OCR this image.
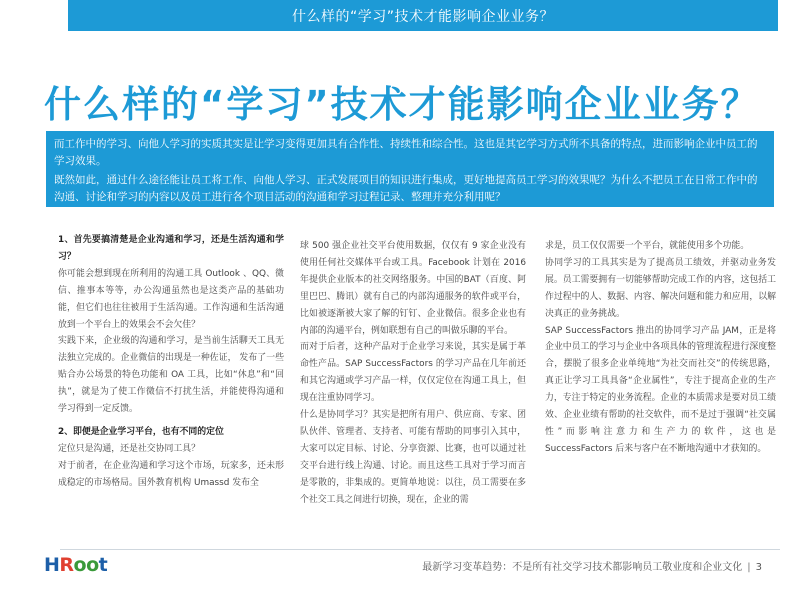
什么样的“学习”技术才能影响企业业务？
什么样的“学习”技术才能影响企业业务？

而工作中的学习、向他人学习的实质其实是让学习变得更加具有合作性、持续性和综合性。这也是其它学习方式所不具备的特点，进而影响企业中员工的学习效果。

既然如此，通过什么途径能让员工将工作、向他人学习、正式发展项目的知识进行集成，更好地提高员工学习的效果呢？为什么不把员工在日常工作中的沟通、讨论和学习的内容以及员工进行各个项目活动的沟通和学习过程记录、整理并充分利用呢？

1、首先要搞清楚是企业沟通和学习，还是生活沟通和学习？

你可能会想到现在所利用的沟通工具 Outlook 、QQ、微信、推事本等等，办公沟通虽然也是这类产品的基础功能，但它们也往往被用于生活沟通。工作沟通和生活沟通放到一个平台上的效果会不会欠佳？

实践下来，企业级的沟通和学习，是当前生活聊天工具无法独立完成的。企业微信的出现是一种佐证， 发布了一些贴合办公场景的特色功能和 OA 工具，比如“休息”和“回执”，就是为了使工作微信不打扰生活，并能使得沟通和学习得到一定反馈。

2、即便是企业学习平台，也有不同的定位

定位只是沟通，还是社交协同工具？

对于前者，在企业沟通和学习这个市场，玩家多，还未形成稳定的市场格局。国外教育机构 Umassd 发布全

球 500 强企业社交平台使用数据，仅仅有 9 家企业没有使用任何社交媒体平台或工具。Facebook 计划在 2016 年提供企业版本的社交网络服务。中国的BAT（百度、阿里巴巴、腾讯）就有自己的内部沟通服务的软件或平台，比如被逐渐被大家了解的钉钉、企业微信。很多企业也有内部的沟通平台，例如联想有自己的叫做乐聊的平台。

而对于后者，这种产品对于企业学习来说，其实是属于革命性产品。SAP SuccessFactors 的学习产品在几年前还和其它沟通或学习产品一样，仅仅定位在沟通工具上，但现在注重协同学习。

什么是协同学习？其实是把所有用户、供应商、专家、团队伙伴、管理者、支持者、可能有帮助的同事引入其中，大家可以定目标、讨论、分享资源、比赛，也可以通过社交平台进行线上沟通、讨论。而且这些工具对于学习而言是零散的，非集成的。更简单地说：以往，员工需要在多个社交工具之间进行切换，现在，企业的需

求是，员工仅仅需要一个平台，就能使用多个功能。

协同学习的工具其实是为了提高员工绩效，并驱动业务发展。员工需要拥有一切能够帮助完成工作的内容，这包括工作过程中的人、数据、内容、解决问题和能力和应用，以解决真正的业务挑战。

SAP SuccessFactors 推出的协同学习产品 JAM，正是将企业中员工的学习与企业中各项具体的管理流程进行深度整合，摆脱了很多企业单纯地“为社交而社交”的传统思路，真正让学习工具具备“企业属性”，专注于提高企业的生产力，专注于特定的业务流程。企业的本质需求是要对员工绩效、企业业绩有帮助的社交软件，而不是过于强调“社交属性”而影响注意力和生产力的软件，这也是 SuccessFactors 后来与客户在不断地沟通中才获知的。

HRoot	最新学习变革趋势：不是所有社交学习技术都影响员工敬业度和企业文化 | 3
